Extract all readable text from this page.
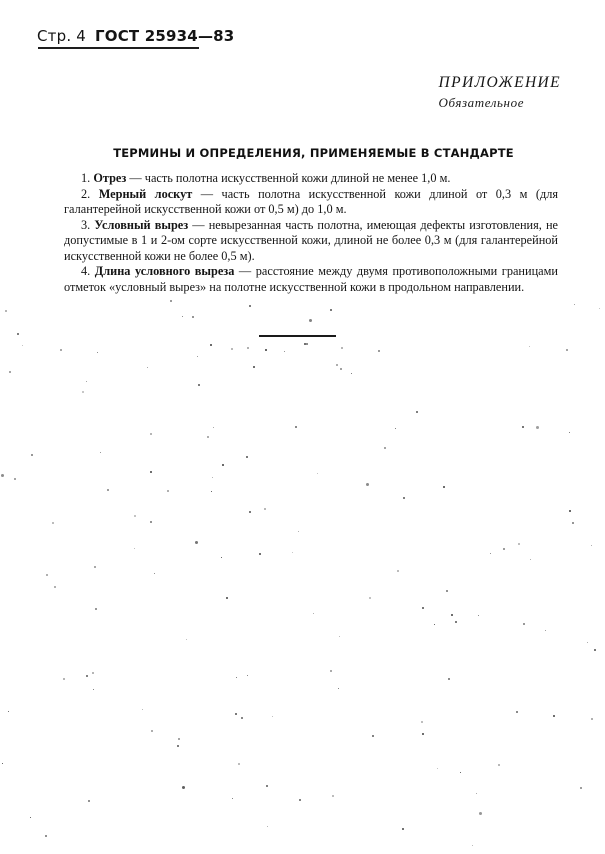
Стр. 4 ГОСТ 25934—83
ПРИЛОЖЕНИЕ
Обязательное
ТЕРМИНЫ И ОПРЕДЕЛЕНИЯ, ПРИМЕНЯЕМЫЕ В СТАНДАРТЕ

1. Отрез — часть полотна искусственной кожи длиной не менее 1,0 м.

2. Мерный лоскут — часть полотна искусственной кожи длиной от 0,3 м (для галантерейной искусственной кожи от 0,5 м) до 1,0 м.

3. Условный вырез — невырезанная часть полотна, имеющая дефекты изготовления, не допустимые в 1 и 2-ом сорте искусственной кожи, длиной не более 0,3 м (для галантерейной искусственной кожи не более 0,5 м).

4. Длина условного выреза — расстояние между двумя противоположными границами отметок «условный вырез» на полотне искусственной кожи в продольном направлении.
